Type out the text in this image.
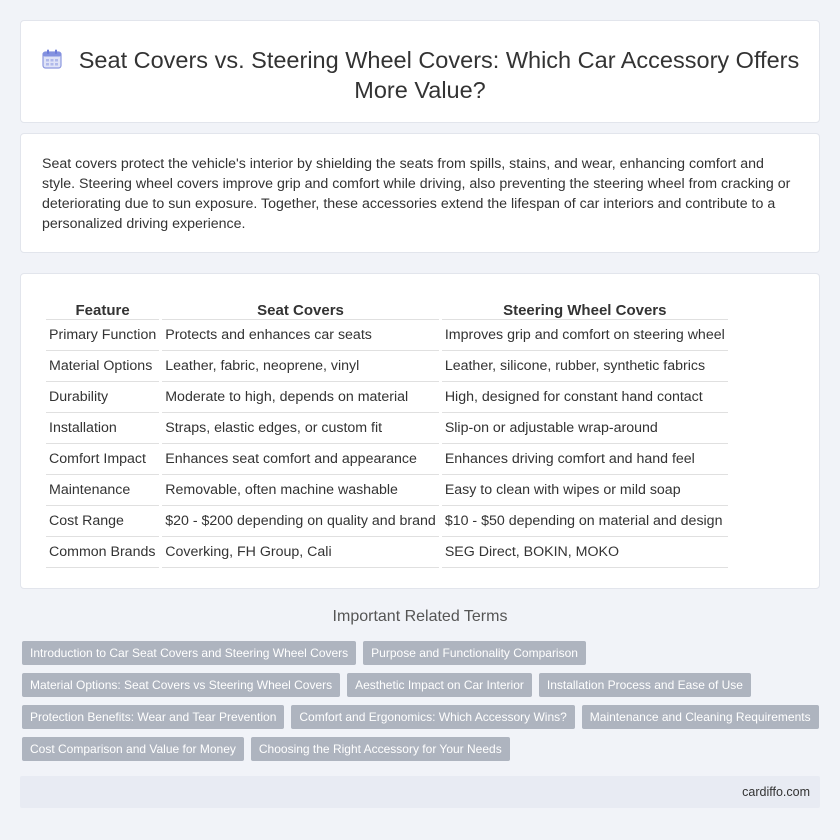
Seat Covers vs. Steering Wheel Covers: Which Car Accessory Offers More Value?

Seat covers protect the vehicle's interior by shielding the seats from spills, stains, and wear, enhancing comfort and style. Steering wheel covers improve grip and comfort while driving, also preventing the steering wheel from cracking or deteriorating due to sun exposure. Together, these accessories extend the lifespan of car interiors and contribute to a personalized driving experience.

Feature	Seat Covers	Steering Wheel Covers
Primary Function	Protects and enhances car seats	Improves grip and comfort on steering wheel
Material Options	Leather, fabric, neoprene, vinyl	Leather, silicone, rubber, synthetic fabrics
Durability	Moderate to high, depends on material	High, designed for constant hand contact
Installation	Straps, elastic edges, or custom fit	Slip-on or adjustable wrap-around
Comfort Impact	Enhances seat comfort and appearance	Enhances driving comfort and hand feel
Maintenance	Removable, often machine washable	Easy to clean with wipes or mild soap
Cost Range	$20 - $200 depending on quality and brand	$10 - $50 depending on material and design
Common Brands	Coverking, FH Group, Cali	SEG Direct, BOKIN, MOKO
Important Related Terms
Introduction to Car Seat Covers and Steering Wheel Covers	Purpose and Functionality Comparison
Material Options: Seat Covers vs Steering Wheel Covers	Aesthetic Impact on Car Interior	Installation Process and Ease of Use
Protection Benefits: Wear and Tear Prevention	Comfort and Ergonomics: Which Accessory Wins?	Maintenance and Cleaning Requirements
Cost Comparison and Value for Money	Choosing the Right Accessory for Your Needs
cardiffo.com
